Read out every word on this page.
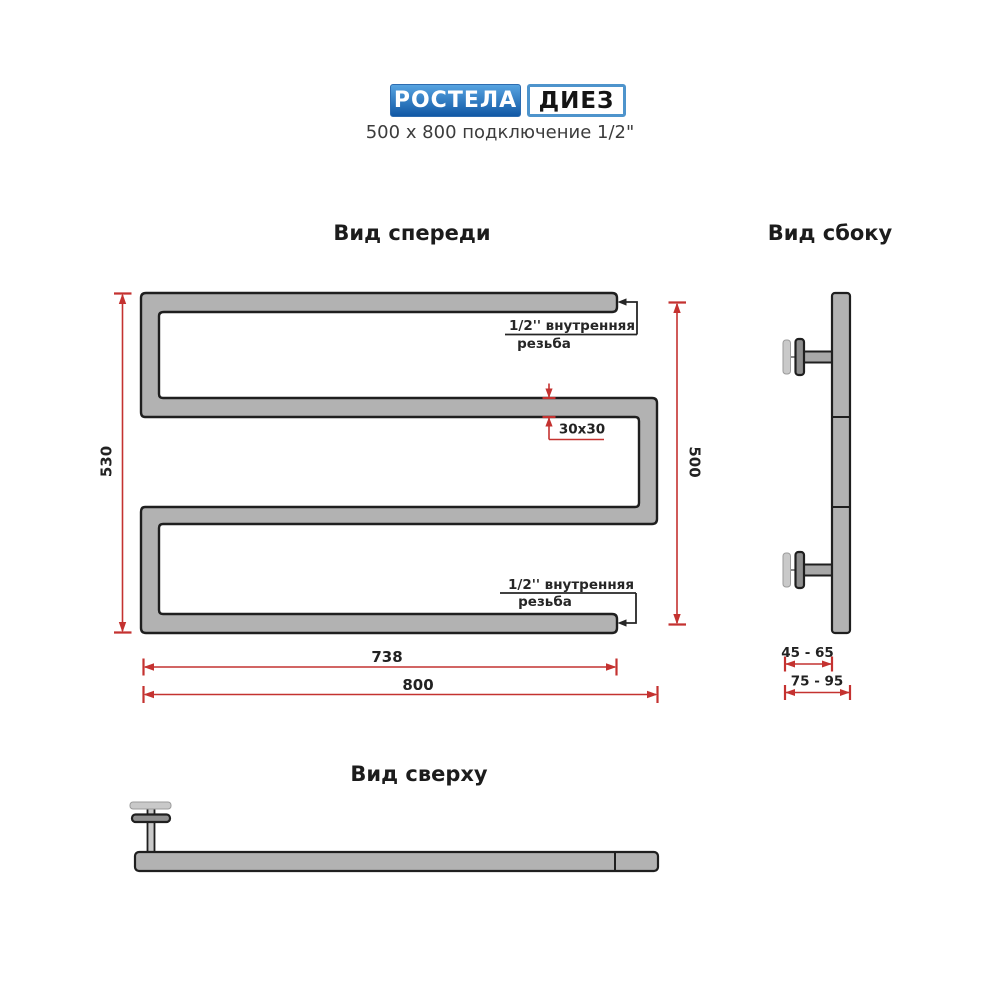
РОСТЕЛА ДИЕЗ
500 x 800 подключение 1/2"
Вид спереди	Вид сбоку
Вид сверху
1/2'' внутренняя
резьба
1/2'' внутренняя
резьба
530	500
738
800
30x30
45 - 65
75 - 95
